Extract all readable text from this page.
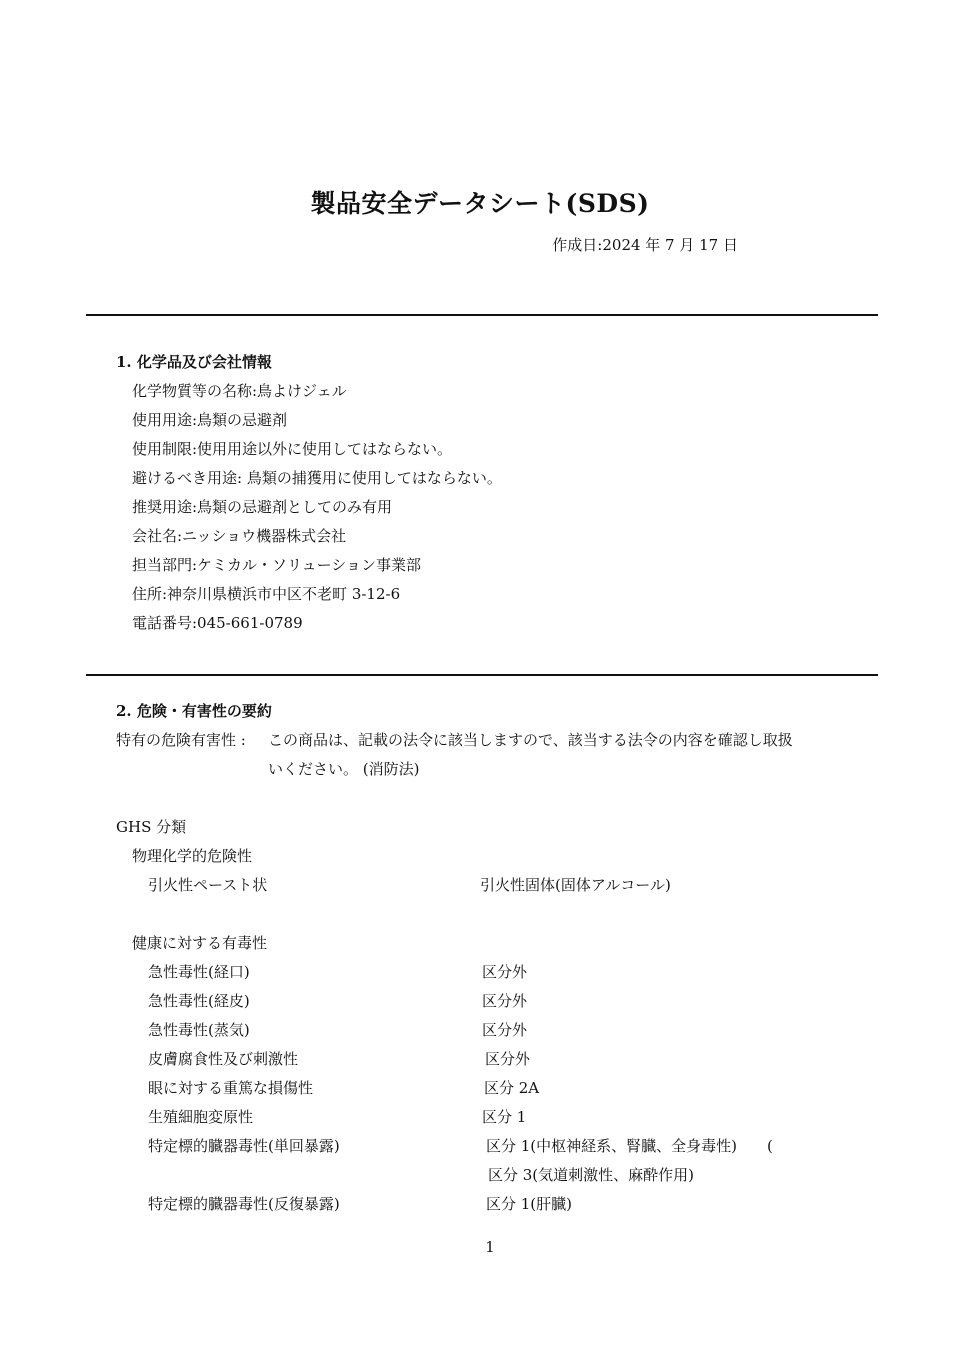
製品安全データシート(SDS)
作成日:2024 年 7 月 17 日
1. 化学品及び会社情報
化学物質等の名称:鳥よけジェル
使用用途:鳥類の忌避剤
使用制限:使用用途以外に使用してはならない。
避けるべき用途: 鳥類の捕獲用に使用してはならない。
推奨用途:鳥類の忌避剤としてのみ有用
会社名:ニッショウ機器株式会社
担当部門:ケミカル・ソリューション事業部
住所:神奈川県横浜市中区不老町 3-12-6
電話番号:045-661-0789
2. 危険・有害性の要約
特有の危険有害性 : この商品は、記載の法令に該当しますので、該当する法令の内容を確認し取扱
いください。 (消防法)
GHS 分類
物理化学的危険性
引火性ペースト状	引火性固体(固体アルコール)
健康に対する有毒性
急性毒性(経口)	区分外
急性毒性(経皮)	区分外
急性毒性(蒸気)	区分外
皮膚腐食性及び刺激性	区分外
眼に対する重篤な損傷性	区分 2A
生殖細胞変原性	区分 1
特定標的臓器毒性(単回暴露)	区分 1(中枢神経系、腎臓、全身毒性)　　(
区分 3(気道刺激性、麻酔作用)
特定標的臓器毒性(反復暴露)	区分 1(肝臓)
1
